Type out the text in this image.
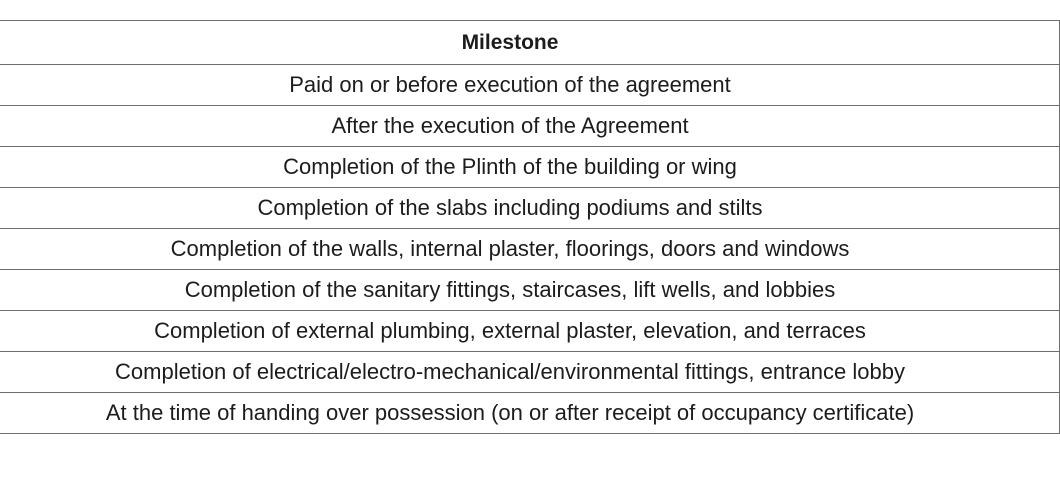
Milestone
Paid on or before execution of the agreement
After the execution of the Agreement
Completion of the Plinth of the building or wing
Completion of the slabs including podiums and stilts
Completion of the walls, internal plaster, floorings, doors and windows
Completion of the sanitary fittings, staircases, lift wells, and lobbies
Completion of external plumbing, external plaster, elevation, and terraces
Completion of electrical/electro-mechanical/environmental fittings, entrance lobby
At the time of handing over possession (on or after receipt of occupancy certificate)
